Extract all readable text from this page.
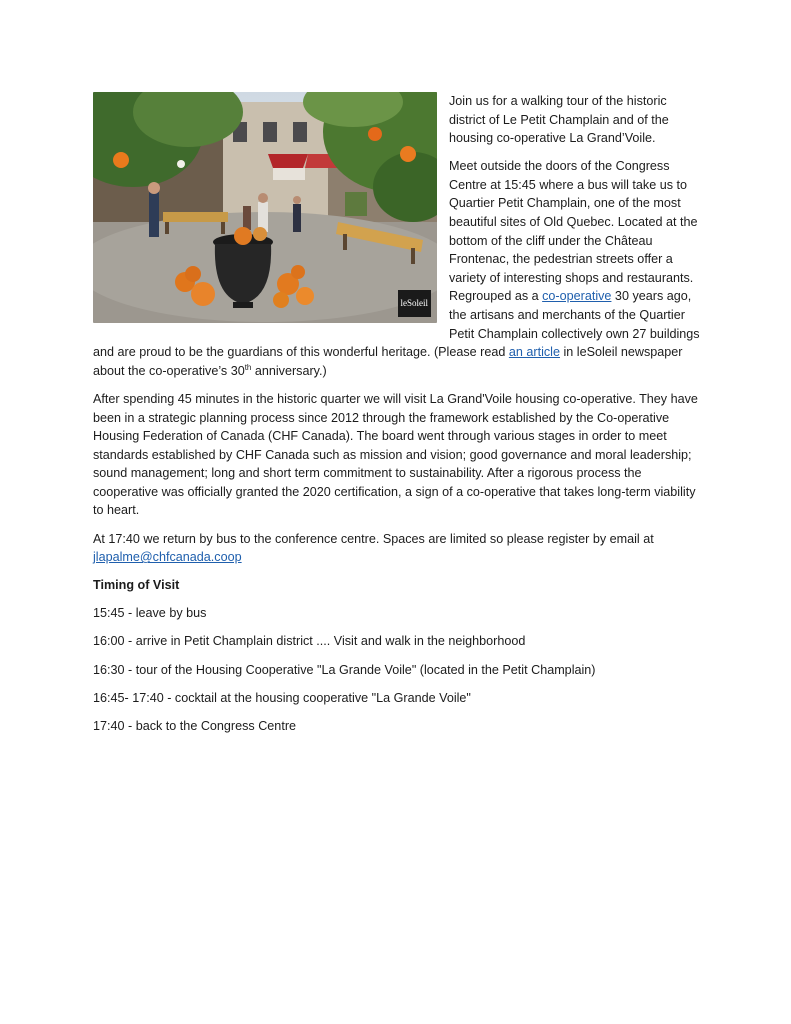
leSoleil

Join us for a walking tour of the historic district of Le Petit Champlain and of the housing co-operative La Grand’Voile.

Meet outside the doors of the Congress Centre at 15:45 where a bus will take us to Quartier Petit Champlain, one of the most beautiful sites of Old Quebec. Located at the bottom of the cliff under the Château Frontenac, the pedestrian streets offer a variety of interesting shops and restaurants. Regrouped as a co-operative 30 years ago, the artisans and merchants of the Quartier Petit Champlain collectively own 27 buildings and are proud to be the guardians of this wonderful heritage. (Please read an article in leSoleil newspaper about the co-operative’s 30th anniversary.)

After spending 45 minutes in the historic quarter we will visit La Grand'Voile housing co-operative. They have been in a strategic planning process since 2012 through the framework established by the Co-operative Housing Federation of Canada (CHF Canada). The board went through various stages in order to meet standards established by CHF Canada such as mission and vision; good governance and moral leadership; sound management; long and short term commitment to sustainability. After a rigorous process the cooperative was officially granted the 2020 certification, a sign of a co-operative that takes long-term viability to heart.

At 17:40 we return by bus to the conference centre. Spaces are limited so please register by email at jlapalme@chfcanada.coop

Timing of Visit

15:45 - leave by bus

16:00 - arrive in Petit Champlain district .... Visit and walk in the neighborhood

16:30 - tour of the Housing Cooperative "La Grande Voile" (located in the Petit Champlain)

16:45- 17:40 - cocktail at the housing cooperative "La Grande Voile"

17:40 - back to the Congress Centre
